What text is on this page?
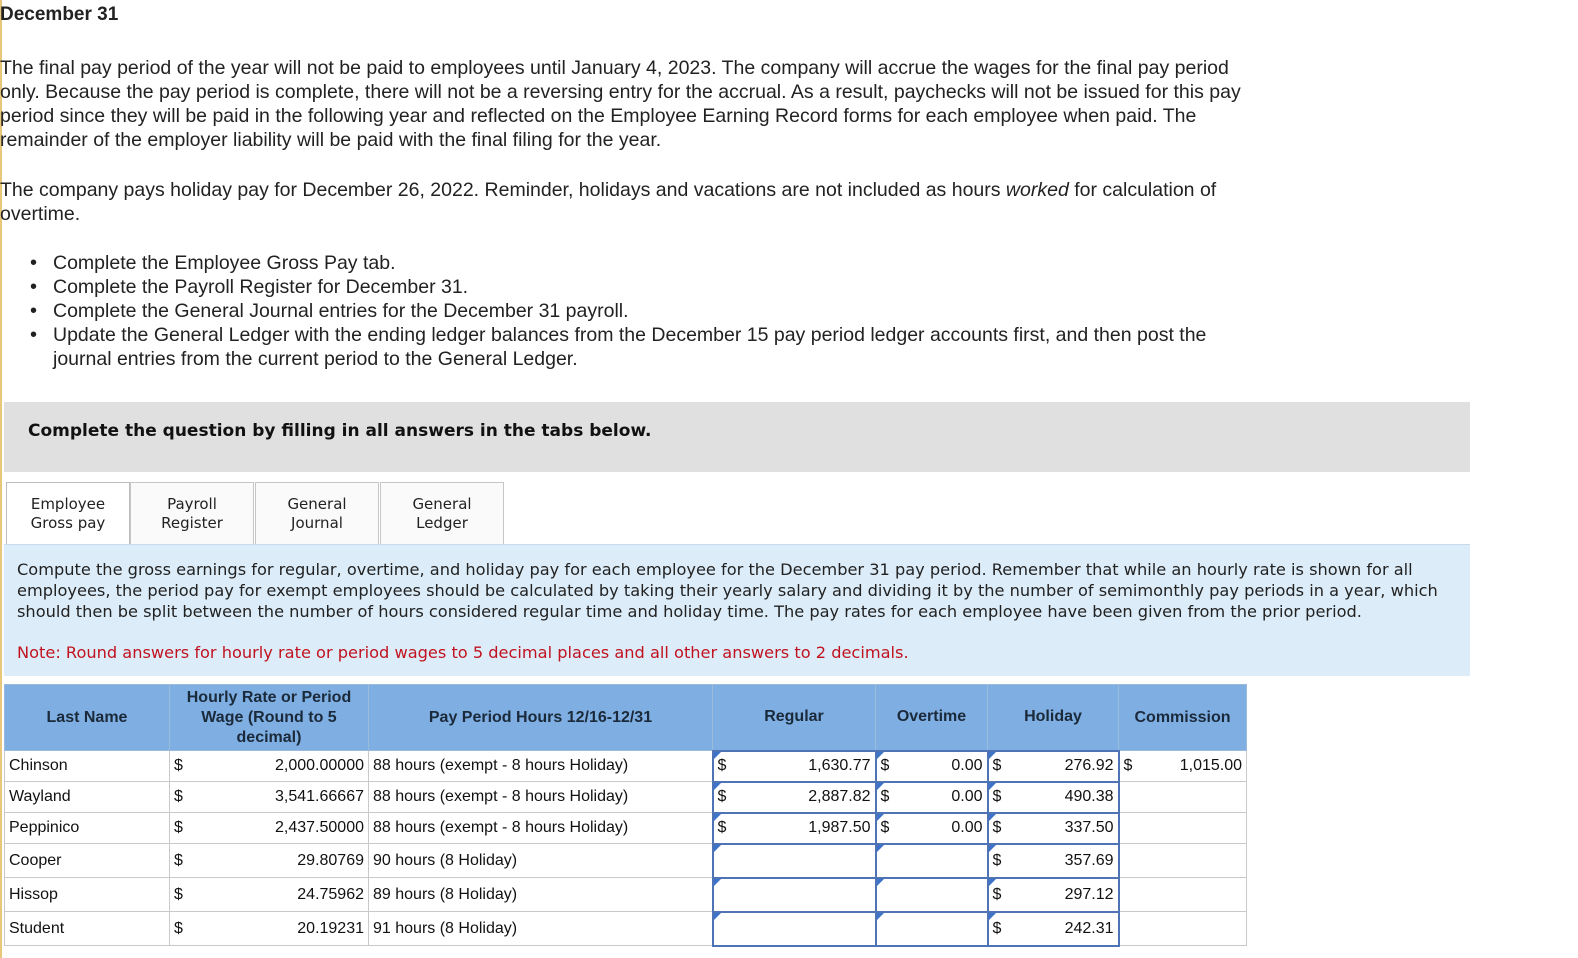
December 31

The final pay period of the year will not be paid to employees until January 4, 2023. The company will accrue the wages for the final pay period only. Because the pay period is complete, there will not be a reversing entry for the accrual. As a result, paychecks will not be issued for this pay period since they will be paid in the following year and reflected on the Employee Earning Record forms for each employee when paid. The remainder of the employer liability will be paid with the final filing for the year.

The company pays holiday pay for December 26, 2022. Reminder, holidays and vacations are not included as hours worked for calculation of overtime.

• Complete the Employee Gross Pay tab.
• Complete the Payroll Register for December 31.
• Complete the General Journal entries for the December 31 payroll.
• Update the General Ledger with the ending ledger balances from the December 15 pay period ledger accounts first, and then post the journal entries from the current period to the General Ledger.
Complete the question by filling in all answers in the tabs below.
Employee
Gross pay
Payroll
Register
General
Journal
General
Ledger

Compute the gross earnings for regular, overtime, and holiday pay for each employee for the December 31 pay period. Remember that while an hourly rate is shown for all employees, the period pay for exempt employees should be calculated by taking their yearly salary and dividing it by the number of semimonthly pay periods in a year, which should then be split between the number of hours considered regular time and holiday time. The pay rates for each employee have been given from the prior period.

Note: Round answers for hourly rate or period wages to 5 decimal places and all other answers to 2 decimals.

Last Name	Hourly Rate or Period Wage (Round to 5 decimal)	Pay Period Hours 12/16-12/31	Regular	Overtime	Holiday	Commission
Chinson	$ 2,000.00000	88 hours (exempt - 8 hours Holiday)	$ 1,630.77	$ 0.00	$ 276.92	$ 1,015.00

Wayland	$ 3,541.66667	88 hours (exempt - 8 hours Holiday)	$ 2,887.82	$ 0.00	$ 490.38	

Peppinico	$ 2,437.50000	88 hours (exempt - 8 hours Holiday)	$ 1,987.50	$ 0.00	$ 337.50	

Cooper	$ 29.80769	90 hours (8 Holiday)			$ 357.69	

Hissop	$ 24.75962	89 hours (8 Holiday)			$ 297.12	

Student	$ 20.19231	91 hours (8 Holiday)			$ 242.31	
